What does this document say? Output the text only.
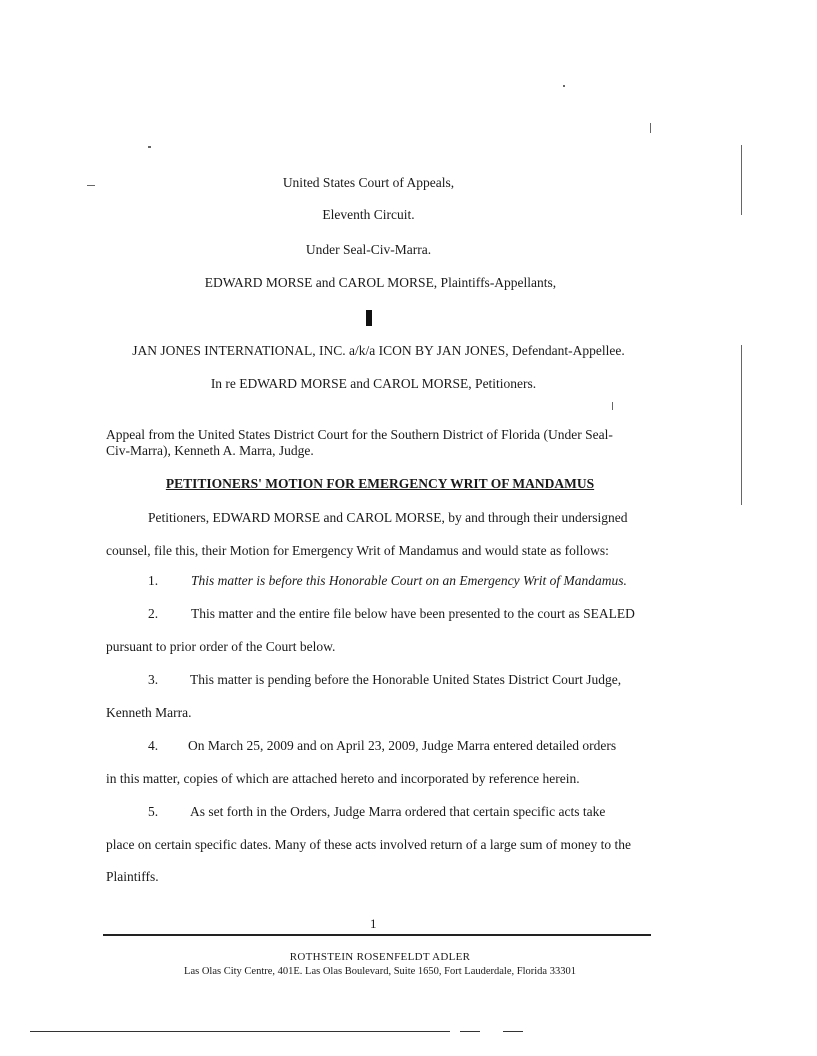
United States Court of Appeals,
Eleventh Circuit.
Under Seal-Civ-Marra.
EDWARD MORSE and CAROL MORSE, Plaintiffs-Appellants,
JAN JONES INTERNATIONAL, INC. a/k/a ICON BY JAN JONES, Defendant-Appellee.
In re EDWARD MORSE and CAROL MORSE, Petitioners.
Appeal from the United States District Court for the Southern District of Florida (Under Seal-
Civ-Marra), Kenneth A. Marra, Judge.
PETITIONERS' MOTION FOR EMERGENCY WRIT OF MANDAMUS
Petitioners, EDWARD MORSE and CAROL MORSE, by and through their undersigned
counsel, file this, their Motion for Emergency Writ of Mandamus and would state as follows:
1. This matter is before this Honorable Court on an Emergency Writ of Mandamus.
2. This matter and the entire file below have been presented to the court as SEALED
pursuant to prior order of the Court below.
3. This matter is pending before the Honorable United States District Court Judge,
Kenneth Marra.
4. On March 25, 2009 and on April 23, 2009, Judge Marra entered detailed orders
in this matter, copies of which are attached hereto and incorporated by reference herein.
5. As set forth in the Orders, Judge Marra ordered that certain specific acts take
place on certain specific dates. Many of these acts involved return of a large sum of money to the
Plaintiffs.
1
ROTHSTEIN ROSENFELDT ADLER
Las Olas City Centre, 401E. Las Olas Boulevard, Suite 1650, Fort Lauderdale, Florida 33301
